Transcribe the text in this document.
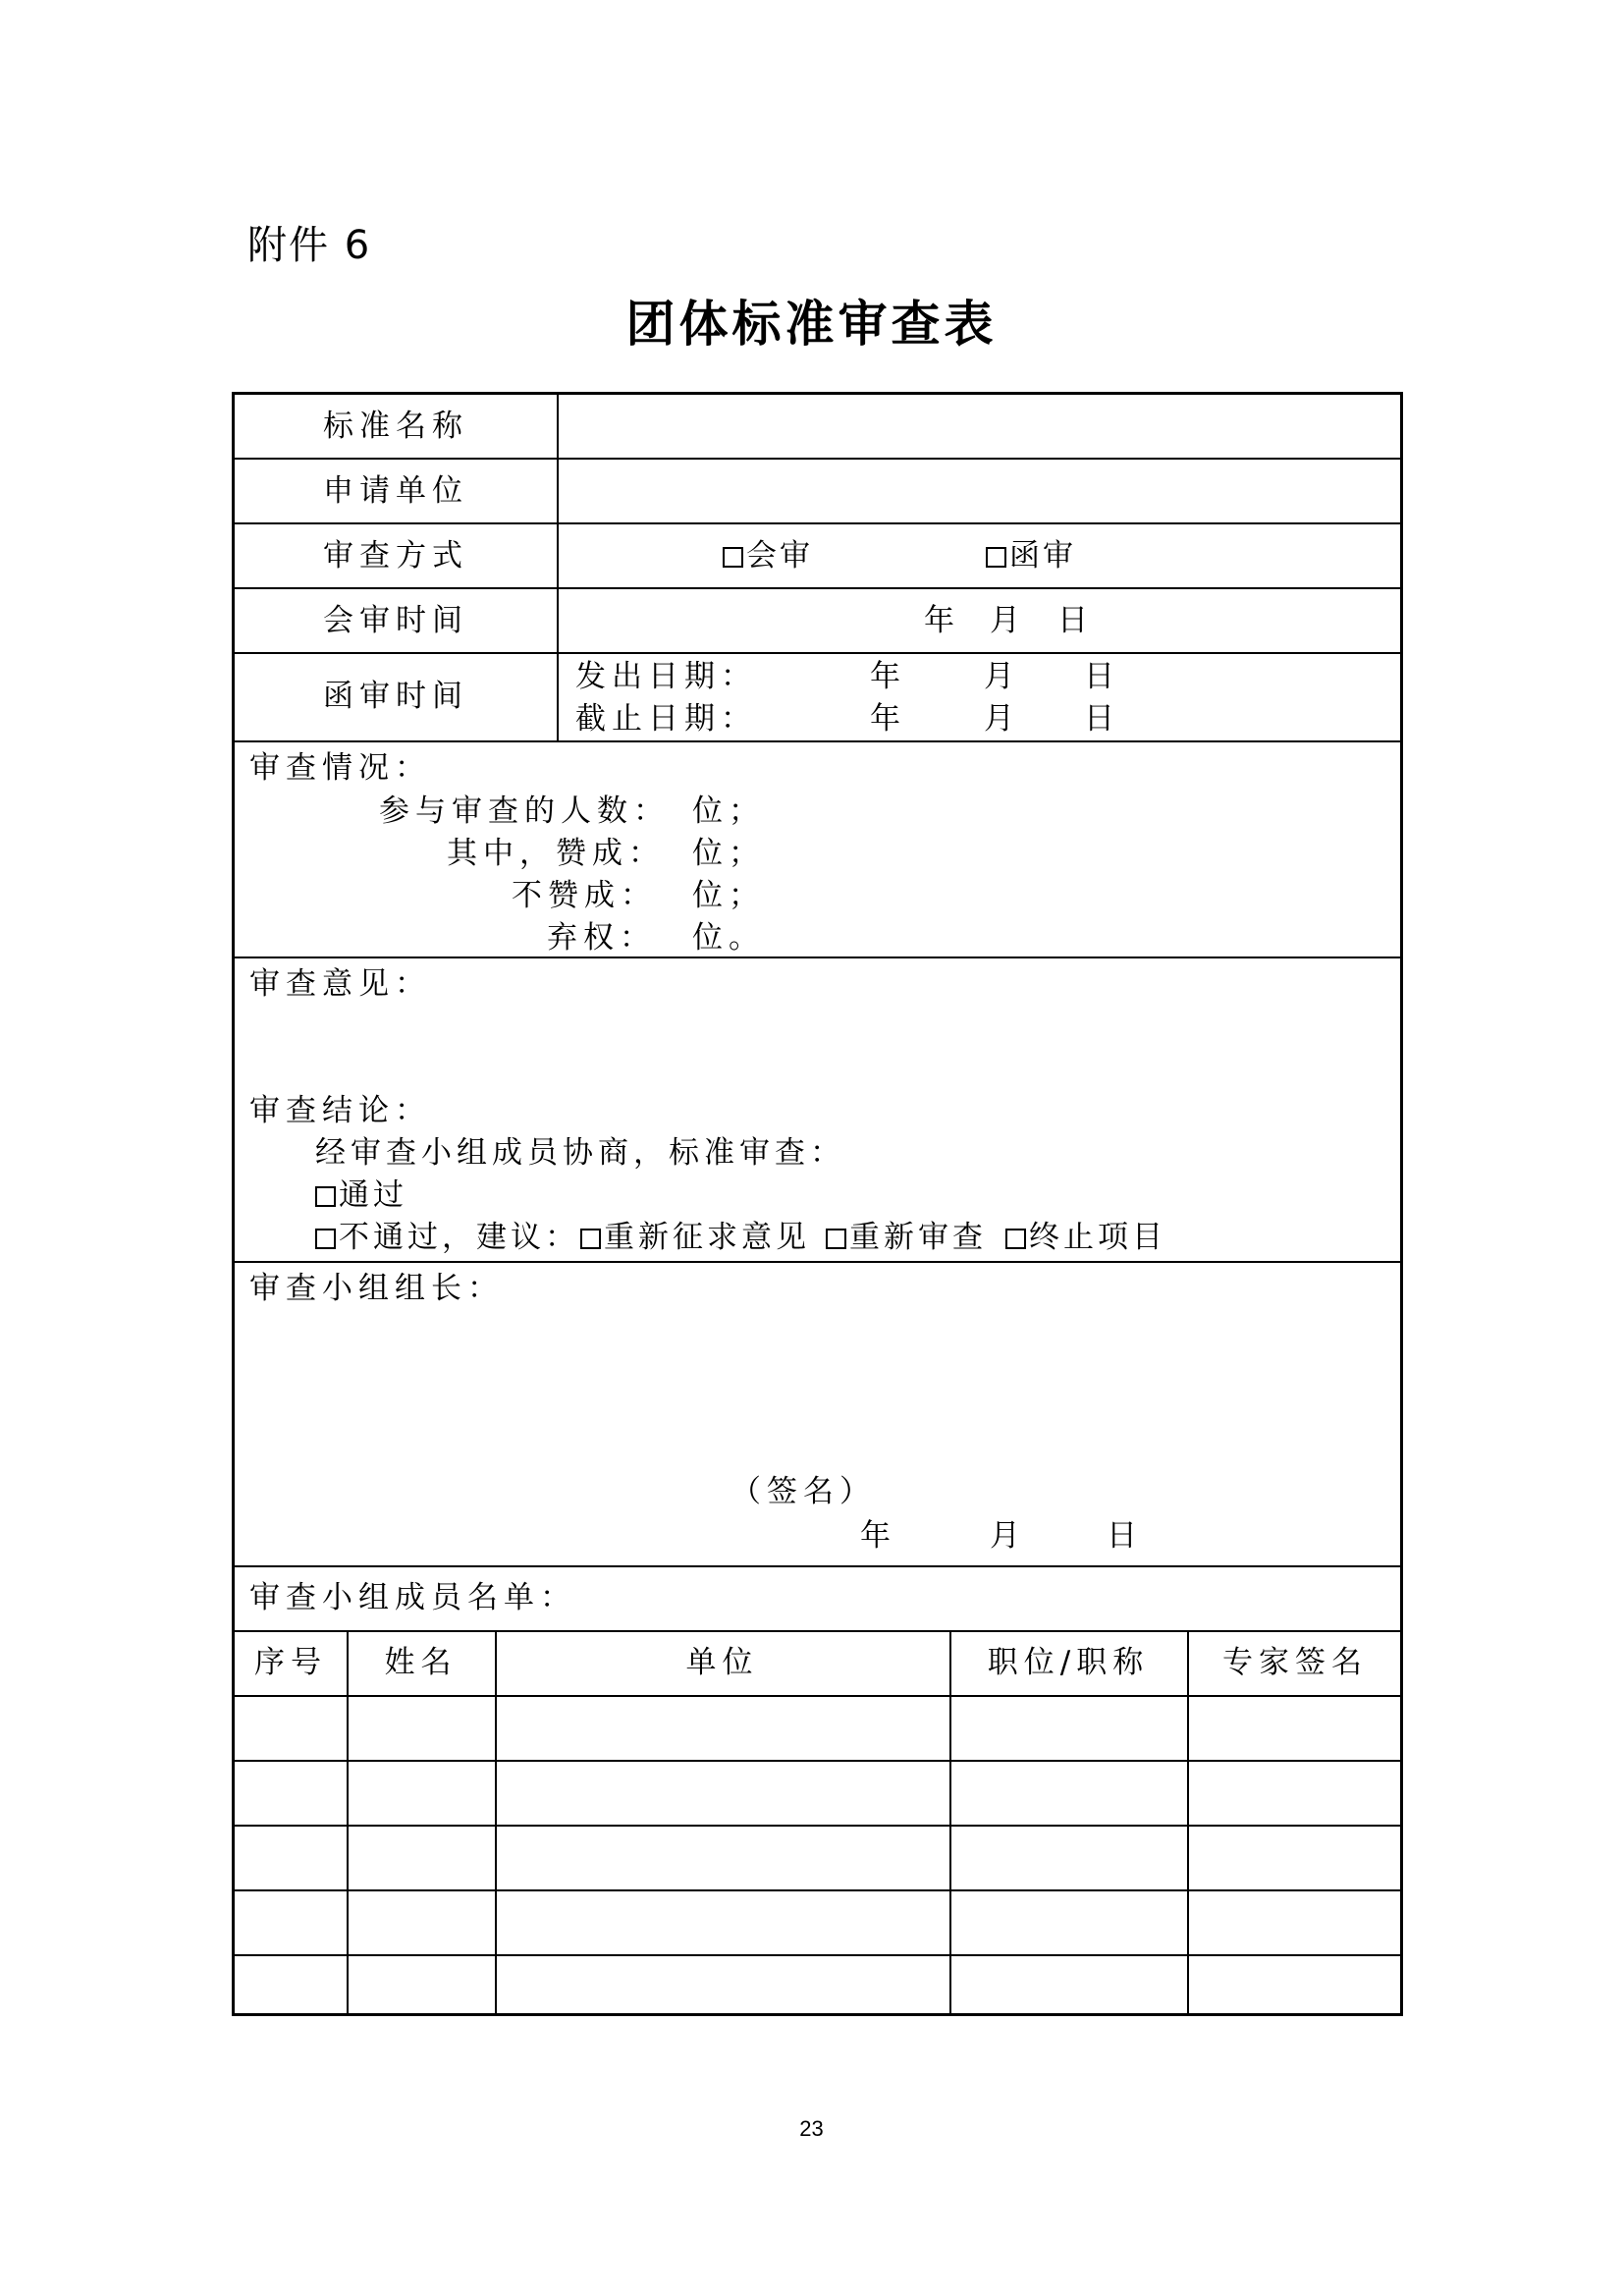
附件 6
团体标准审查表
标准名称
申请单位
审查方式	会审	函审
会审时间	年 月 日
函审时间
发出日期：	年	月 日
截止日期：	年	月 日
审查情况：
参与审查的人数： 位；
其中，赞成： 位；
不赞成： 位；
弃权： 位。
审查意见：
审查结论：
经审查小组成员协商，标准审查：
通过
不通过，建议： 重新征求意见	重新审查	终止项目
审查小组组长：
（签名）
年	月	日
审查小组成员名单：
序号	姓名	单位	职位/职称	专家签名
23
